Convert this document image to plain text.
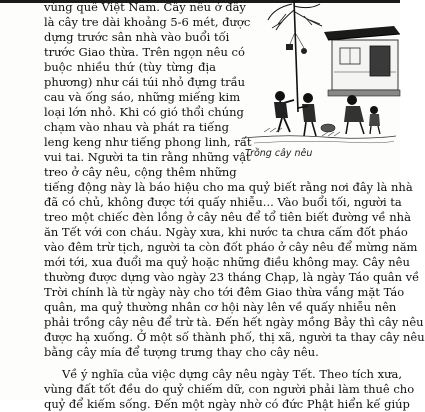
Trồng cây nêu

vùng quê Việt Nam. Cây nêu ở đây

là cây tre dài khoảng 5-6 mét, được

dựng trước sân nhà vào buổi tối

trước Giao thừa. Trên ngọn nêu có

buộc nhiều thứ (tùy từng địa

phương) như cái túi nhỏ đựng trầu

cau và ống sáo, những miếng kim

loại lớn nhỏ. Khi có gió thổi chúng

chạm vào nhau và phát ra tiếng

leng keng như tiếng phong linh, rất

vui tai. Người ta tin rằng những vật

treo ở cây nêu, cộng thêm những

tiếng động này là báo hiệu cho ma quỷ biết rằng nơi đây là nhà

đã có chủ, không được tới quấy nhiễu... Vào buổi tối, người ta

treo một chiếc đèn lồng ở cây nêu để tổ tiên biết đường về nhà

ăn Tết với con cháu. Ngày xưa, khi nước ta chưa cấm đốt pháo

vào đêm trừ tịch, người ta còn đốt pháo ở cây nêu để mừng năm

mới tới, xua đuổi ma quỷ hoặc những điều không may. Cây nêu

thường được dựng vào ngày 23 tháng Chạp, là ngày Táo quân về

Trời chính là từ ngày này cho tới đêm Giao thừa vắng mặt Táo

quân, ma quỷ thường nhân cơ hội này lên về quấy nhiễu nên

phải trồng cây nêu để trừ tà. Đến hết ngày mồng Bảy thì cây nêu

được hạ xuống. Ở một số thành phố, thị xã, người ta thay cây nêu

bằng cây mía để tượng trưng thay cho cây nêu.

Về ý nghĩa của việc dựng cây nêu ngày Tết. Theo tích xưa,

vùng đất tốt đều do quỷ chiếm dữ, con người phải làm thuê cho

quỷ để kiếm sống. Đến một ngày nhờ có đức Phật hiển kế giúp
